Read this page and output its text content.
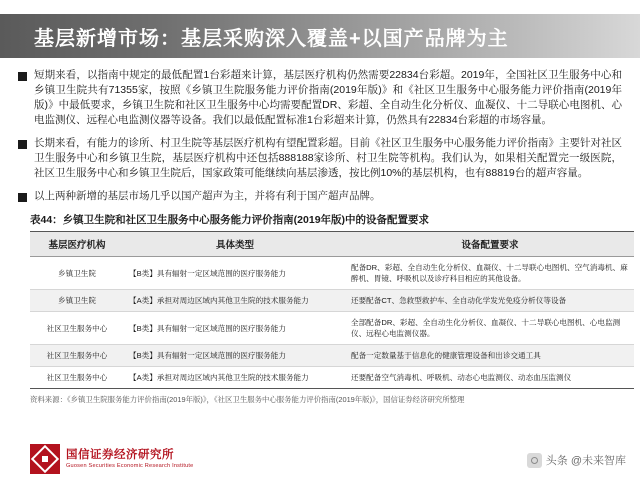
基层新增市场：基层采购深入覆盖+以国产品牌为主
短期来看，以指南中规定的最低配置1台彩超来计算，基层医疗机构仍然需要22834台彩超。2019年，全国社区卫生服务中心和乡镇卫生院共有71355家，按照《乡镇卫生院服务能力评价指南(2019年版)》和《社区卫生服务中心服务能力评价指南(2019年版)》中最低要求，乡镇卫生院和社区卫生服务中心均需要配置DR、彩超、全自动生化分析仪、血凝仪、十二导联心电图机、心电监测仪、远程心电监测仪器等设备。我们以最低配置标准1台彩超来计算，仍然具有22834台彩超的市场容量。
长期来看，有能力的诊所、村卫生院等基层医疗机构有望配置彩超。目前《社区卫生服务中心服务能力评价指南》主要针对社区卫生服务中心和乡镇卫生院，基层医疗机构中还包括888188家诊所、村卫生院等机构。我们认为，如果相关配置完一级医院，社区卫生服务中心和乡镇卫生院后，国家政策可能继续向基层渗透，按比例10%的基层机构，也有88819台的超声容量。
以上两种新增的基层市场几乎以国产超声为主，并将有利于国产超声品牌。
表44：乡镇卫生院和社区卫生服务中心服务能力评价指南(2019年版)中的设备配置要求
基层医疗机构	具体类型	设备配置要求
乡镇卫生院	【B类】具有辐射一定区域范围的医疗服务能力	配备DR、彩超、全自动生化分析仪、血凝仪、十二导联心电图机、空气消毒机、麻醉机、胃镜、呼吸机以及诊疗科目相应的其他设备。
乡镇卫生院	【A类】承担对周边区域内其他卫生院的技术服务能力	还要配备CT、急救型救护车、全自动化学发光免疫分析仪等设备
社区卫生服务中心	【B类】具有辐射一定区域范围的医疗服务能力	全部配备DR、彩超、全自动生化分析仪、血凝仪、十二导联心电图机、心电监测仪、远程心电监测仪器。
社区卫生服务中心	【B类】具有辐射一定区域范围的医疗服务能力	配备一定数量基于信息化的健康管理设备和出诊交通工具
社区卫生服务中心	【A类】承担对周边区域内其他卫生院的技术服务能力	还要配备空气消毒机、呼吸机、动态心电监测仪、动态血压监测仪
资料来源：《乡镇卫生院服务能力评价指南(2019年版)》，《社区卫生服务中心服务能力评价指南(2019年版)》，国信证券经济研究所整理
国信证券经济研究所
Guosen Securities Economic Research Institute	头条 @未来智库
